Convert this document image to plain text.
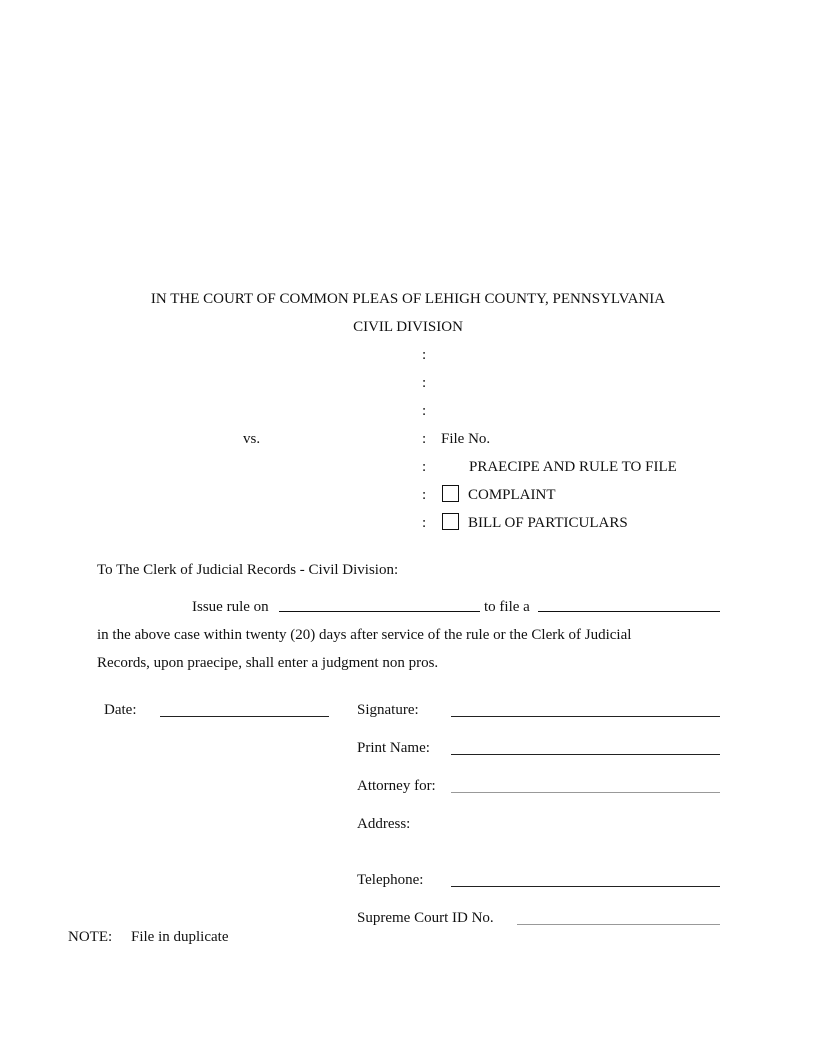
IN THE COURT OF COMMON PLEAS OF LEHIGH COUNTY, PENNSYLVANIA
CIVIL DIVISION
:
:
:
:
:
:
:
vs.	File No.
PRAECIPE AND RULE TO FILE
COMPLAINT
BILL OF PARTICULARS
To The Clerk of Judicial Records - Civil Division:
Issue rule on	to file a
in the above case within twenty (20) days after service of the rule or the Clerk of Judicial
Records, upon praecipe, shall enter a judgment non pros.
Date:	Signature:
Print Name:
Attorney for:
Address:
Telephone:
Supreme Court ID No.
NOTE: File in duplicate
